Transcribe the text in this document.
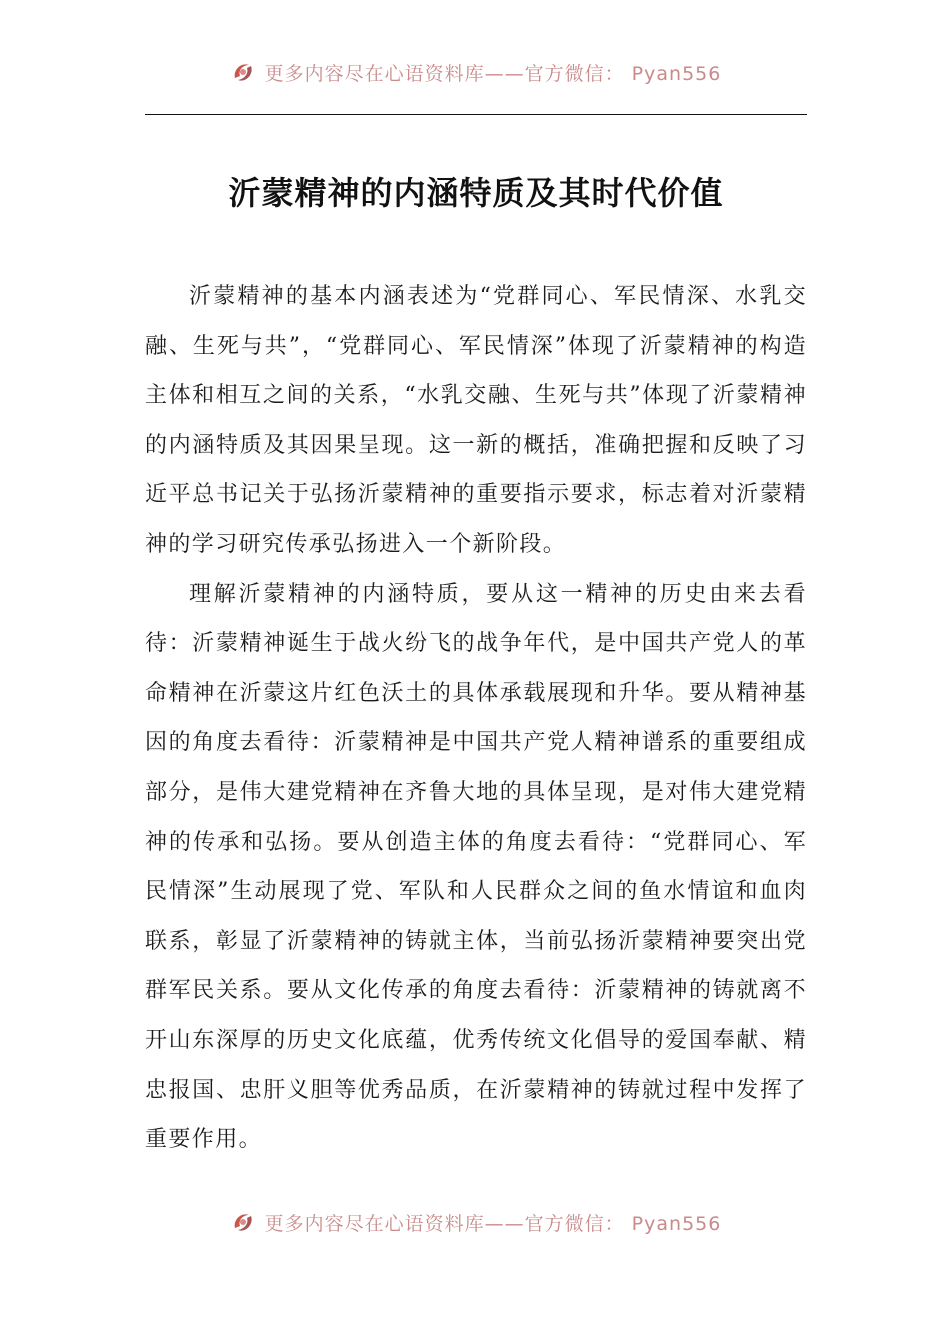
更多内容尽在心语资料库——官方微信： Pyan556
沂蒙精神的内涵特质及其时代价值

沂蒙精神的基本内涵表述为“党群同心、军民情深、水乳交融、生死与共”，“党群同心、军民情深”体现了沂蒙精神的构造主体和相互之间的关系，“水乳交融、生死与共”体现了沂蒙精神的内涵特质及其因果呈现。这一新的概括，准确把握和反映了习近平总书记关于弘扬沂蒙精神的重要指示要求，标志着对沂蒙精神的学习研究传承弘扬进入一个新阶段。

理解沂蒙精神的内涵特质，要从这一精神的历史由来去看待：沂蒙精神诞生于战火纷飞的战争年代，是中国共产党人的革命精神在沂蒙这片红色沃土的具体承载展现和升华。要从精神基因的角度去看待：沂蒙精神是中国共产党人精神谱系的重要组成部分，是伟大建党精神在齐鲁大地的具体呈现，是对伟大建党精神的传承和弘扬。要从创造主体的角度去看待：“党群同心、军民情深”生动展现了党、军队和人民群众之间的鱼水情谊和血肉联系，彰显了沂蒙精神的铸就主体，当前弘扬沂蒙精神要突出党群军民关系。要从文化传承的角度去看待：沂蒙精神的铸就离不开山东深厚的历史文化底蕴，优秀传统文化倡导的爱国奉献、精忠报国、忠肝义胆等优秀品质，在沂蒙精神的铸就过程中发挥了重要作用。

更多内容尽在心语资料库——官方微信： Pyan556
